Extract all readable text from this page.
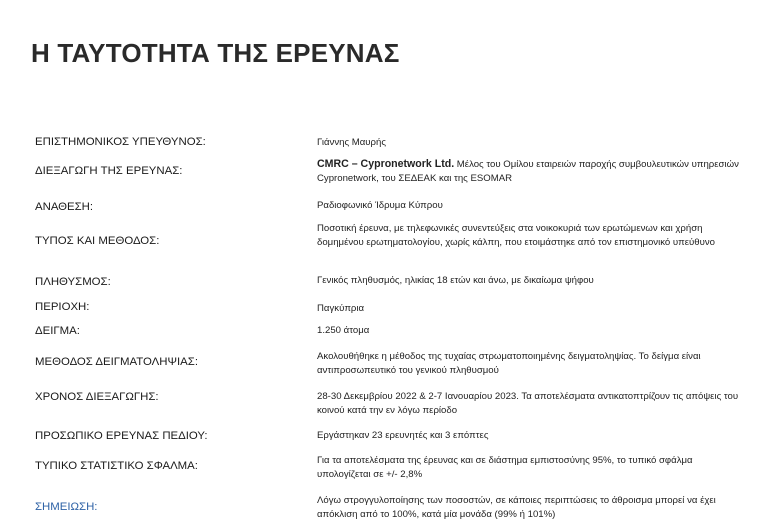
Η ΤΑΥΤΟΤΗΤΑ ΤΗΣ ΕΡΕΥΝΑΣ
ΕΠΙΣΤΗΜΟΝΙΚΟΣ ΥΠΕΥΘΥΝΟΣ:	Γιάννης Μαυρής
ΔΙΕΞΑΓΩΓΗ ΤΗΣ ΕΡΕΥΝΑΣ:
CMRC – Cypronetwork Ltd. Μέλος του Ομίλου εταιρειών παροχής συμβουλευτικών υπηρεσιών Cypronetwork, του ΣΕΔΕΑΚ και της ESOMAR
ΑΝΑΘΕΣΗ:	Ραδιοφωνικό Ίδρυμα Κύπρου
ΤΥΠΟΣ ΚΑΙ ΜΕΘΟΔΟΣ:
Ποσοτική έρευνα, με τηλεφωνικές συνεντεύξεις στα νοικοκυριά των ερωτώμενων και χρήση δομημένου ερωτηματολογίου, χωρίς κάλπη, που ετοιμάστηκε από τον επιστημονικό υπεύθυνο
ΠΛΗΘΥΣΜΟΣ:	Γενικός πληθυσμός, ηλικίας 18 ετών και άνω, με δικαίωμα ψήφου
ΠΕΡΙΟΧΗ:	Παγκύπρια
ΔΕΙΓΜΑ:	1.250 άτομα
ΜΕΘΟΔΟΣ ΔΕΙΓΜΑΤΟΛΗΨΙΑΣ:	Ακολουθήθηκε η μέθοδος της τυχαίας στρωματοποιημένης δειγματοληψίας. Το δείγμα είναι αντιπροσωπευτικό του γενικού πληθυσμού
ΧΡΟΝΟΣ ΔΙΕΞΑΓΩΓΗΣ:	28-30 Δεκεμβρίου 2022 & 2-7 Ιανουαρίου 2023. Τα αποτελέσματα αντικατοπτρίζουν τις απόψεις του κοινού κατά την εν λόγω περίοδο
ΠΡΟΣΩΠΙΚΟ ΕΡΕΥΝΑΣ ΠΕΔΙΟΥ:	Εργάστηκαν 23 ερευνητές και 3 επόπτες
ΤΥΠΙΚΟ ΣΤΑΤΙΣΤΙΚΟ ΣΦΑΛΜΑ:	Για τα αποτελέσματα της έρευνας και σε διάστημα εμπιστοσύνης 95%, το τυπικό σφάλμα υπολογίζεται σε +/- 2,8%
ΣΗΜΕΙΩΣΗ:
Λόγω στρογγυλοποίησης των ποσοστών, σε κάποιες περιπτώσεις το άθροισμα μπορεί να έχει απόκλιση από το 100%, κατά μία μονάδα (99% ή 101%)
